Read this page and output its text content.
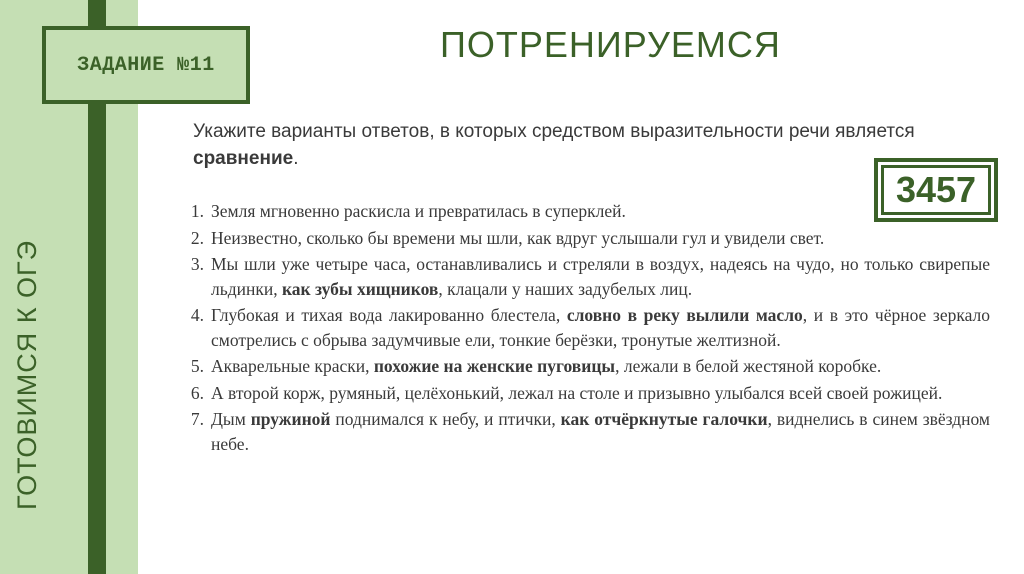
ГОТОВИМСЯ К ОГЭ
ЗАДАНИЕ №11	ПОТРЕНИРУЕМСЯ
Укажите варианты ответов, в которых средством выразительности речи является сравнение.
3457
1. Земля мгновенно раскисла и превратилась в суперклей.
2. Неизвестно, сколько бы времени мы шли, как вдруг услышали гул и увидели свет.
3. Мы шли уже четыре часа, останавливались и стреляли в воздух, надеясь на чудо, но только свирепые льдинки, как зубы хищников, клацали у наших задубелых лиц.
4. Глубокая и тихая вода лакированно блестела, словно в реку вылили масло, и в это чёрное зеркало смотрелись с обрыва задумчивые ели, тонкие берёзки, тронутые желтизной.
5. Акварельные краски, похожие на женские пуговицы, лежали в белой жестяной коробке.
6. А второй корж, румяный, целёхонький, лежал на столе и призывно улыбался всей своей рожицей.
7. Дым пружиной поднимался к небу, и птички, как отчёркнутые галочки, виднелись в синем звёздном небе.
